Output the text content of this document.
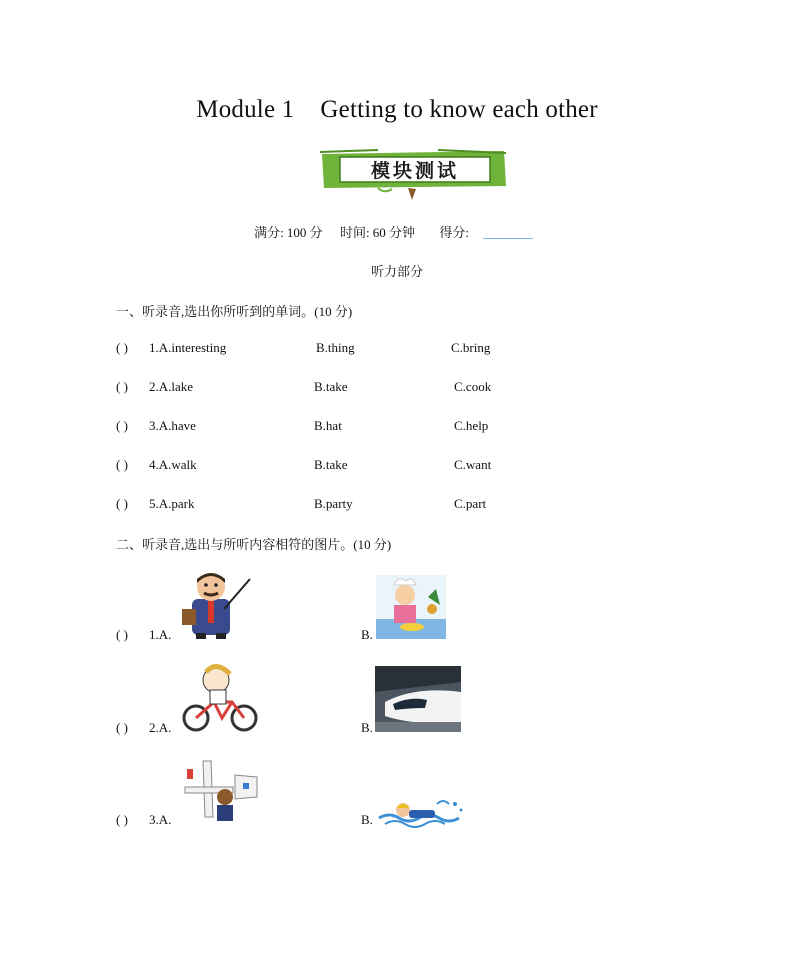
Module 1 Getting to know each other
模块测试
满分: 100 分 时间: 60 分钟 得分:
听力部分
一、听录音,选出你所听到的单词。(10 分)
( ) 1.A.interesting	B.thing	C.bring
( ) 2.A.lake	B.take	C.cook
( ) 3.A.have	B.hat	C.help
( ) 4.A.walk	B.take	C.want
( ) 5.A.park	B.party	C.part
二、听录音,选出与所听内容相符的图片。(10 分)
( ) 1.A.	B.
( ) 2.A.	B.
( ) 3.A.	B.
